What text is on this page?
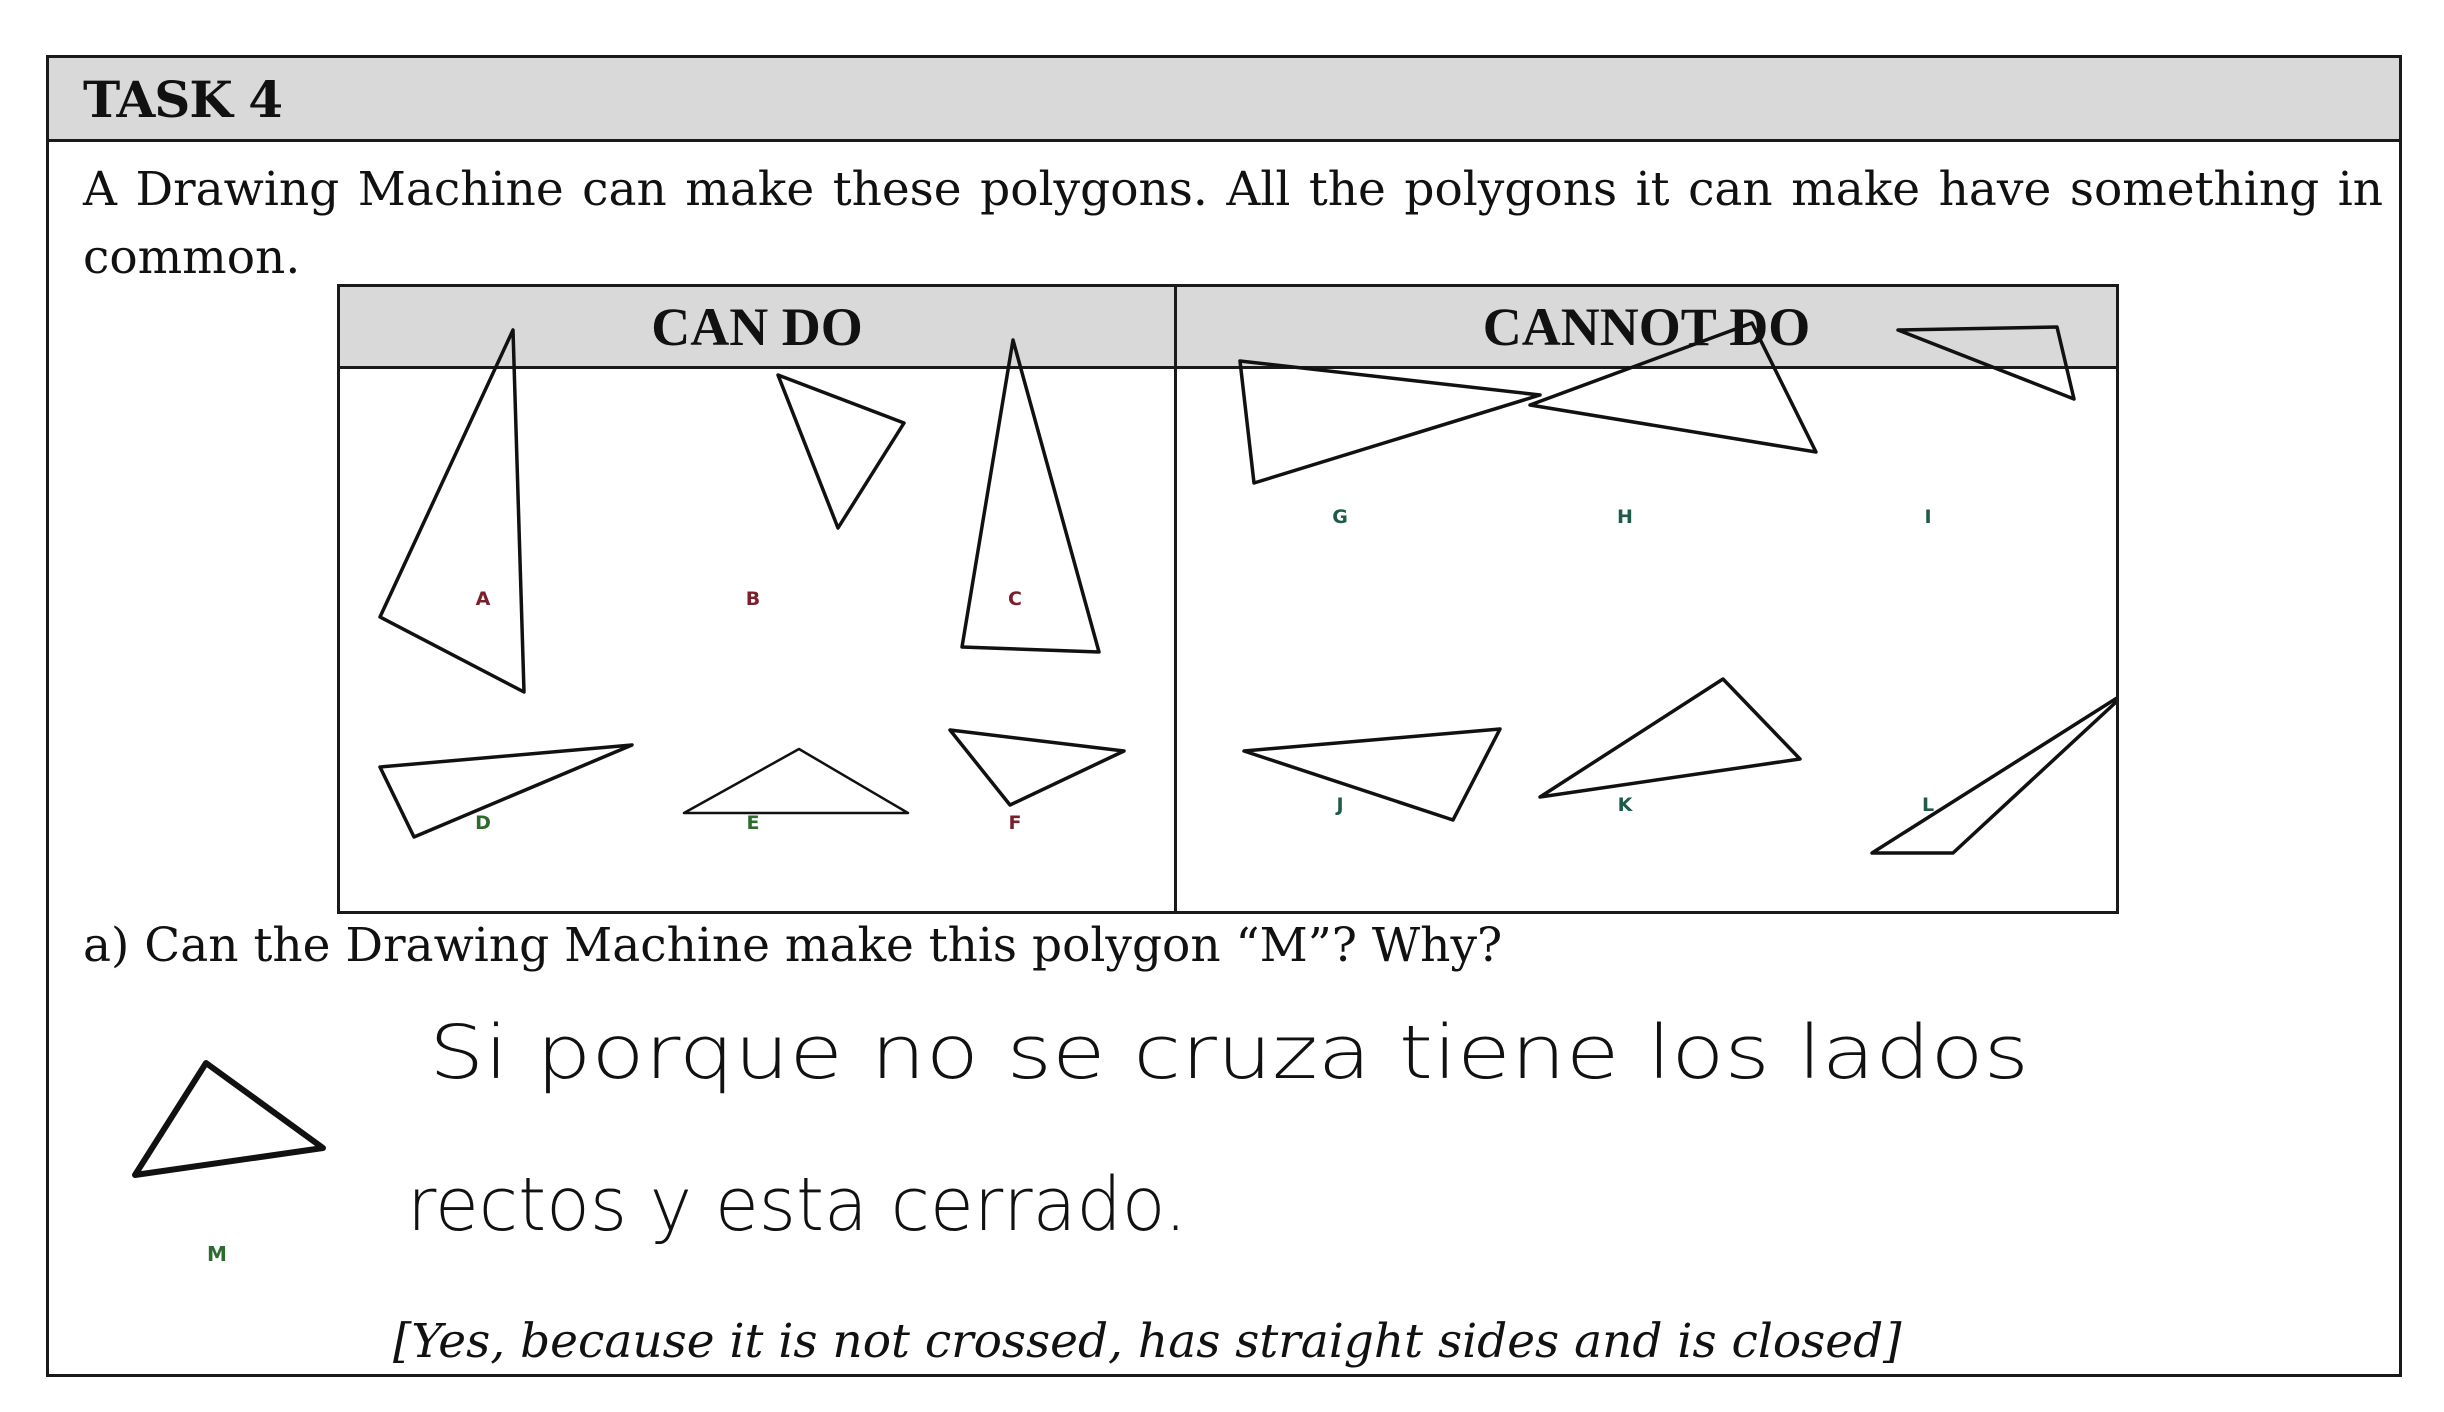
TASK 4
A Drawing Machine can make these polygons. All the polygons it can make have something in common.
CAN DO	CANNOT DO
A	B	C
D	E	F
G	H	I
J	K	L
a) Can the Drawing Machine make this polygon “M”? Why?
M
Si porque no se cruza tiene los lados
rectos y esta cerrado.
[Yes, because it is not crossed, has straight sides and is closed]
